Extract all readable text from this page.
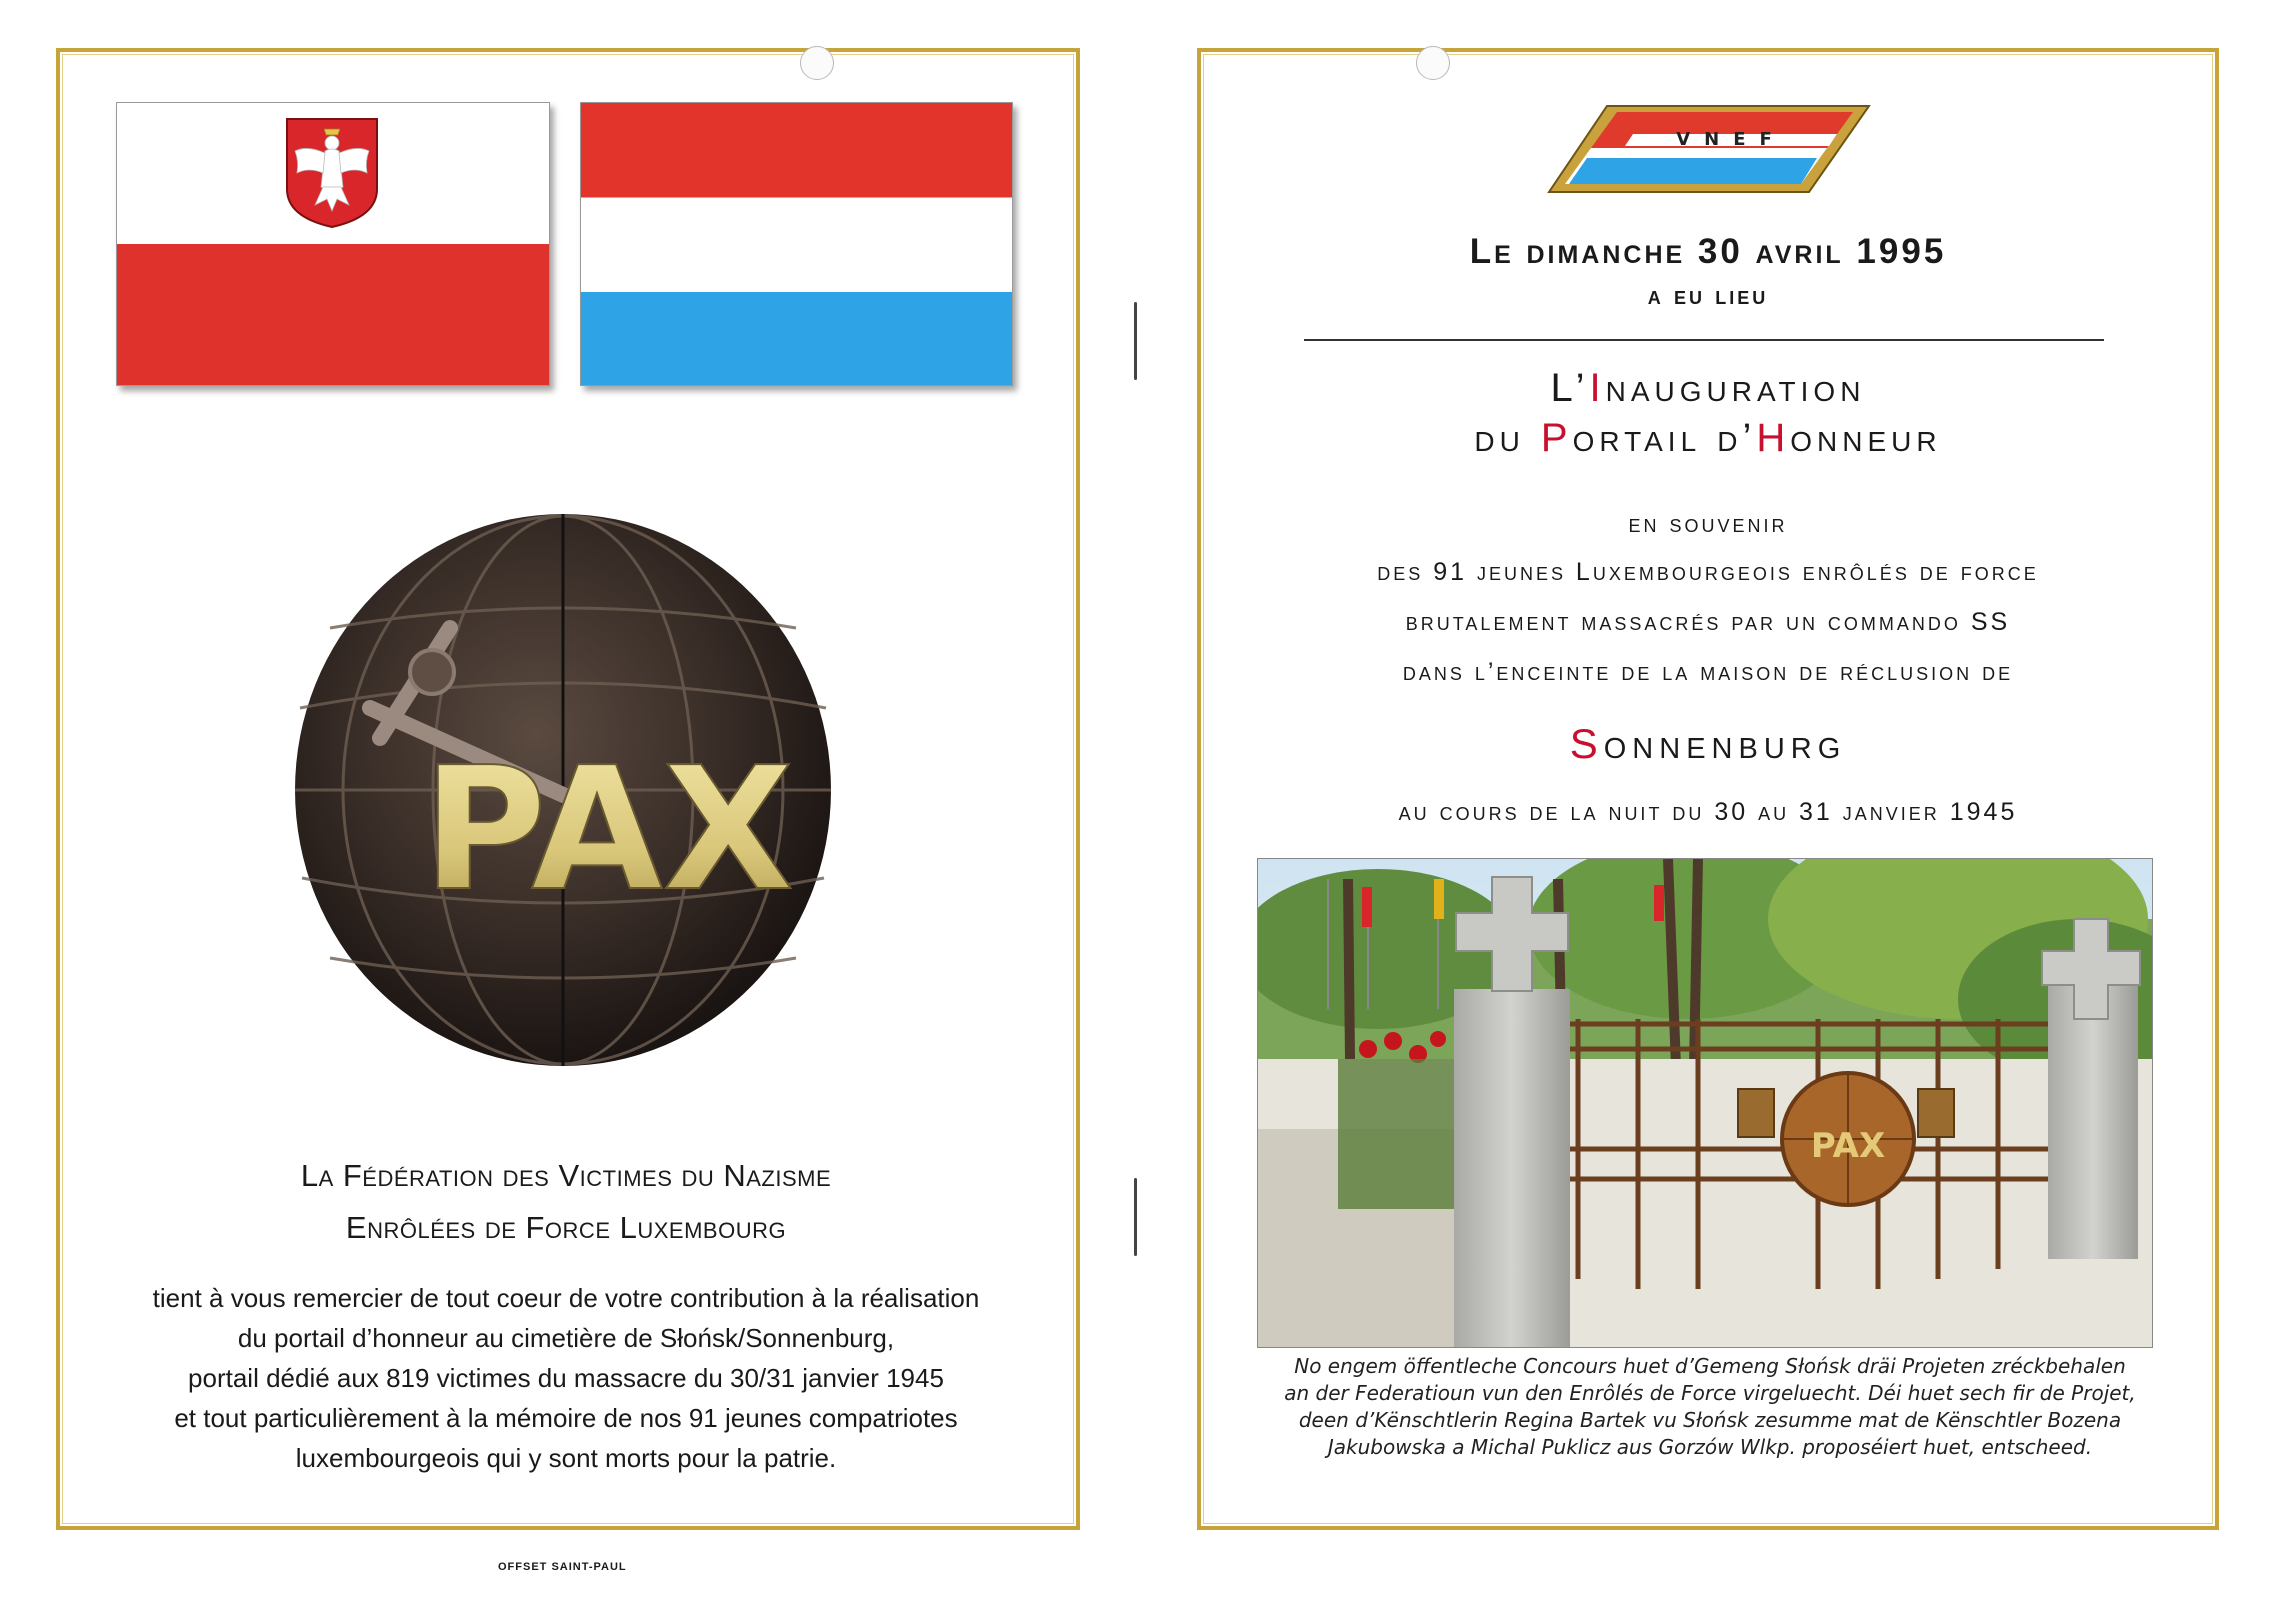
PAX
La Fédération des Victimes du Nazisme
Enrôlées de Force Luxembourg
tient à vous remercier de tout coeur de votre contribution à la réalisation
du portail d’honneur au cimetière de Słońsk/Sonnenburg,
portail dédié aux 819 victimes du massacre du 30/31 janvier 1945
et tout particulièrement à la mémoire de nos 91 jeunes compatriotes
luxembourgeois qui y sont morts pour la patrie.
OFFSET SAINT-PAUL
VNEF
Le dimanche 30 avril 1995
a eu lieu
L’Inauguration
du Portail d’Honneur
en souvenir
des 91 jeunes Luxembourgeois enrôlés de force
brutalement massacrés par un commando SS
dans l’enceinte de la maison de réclusion de
Sonnenburg
au cours de la nuit du 30 au 31 janvier 1945
PAX
No engem öffentleche Concours huet d’Gemeng Słońsk dräi Projeten zréckbehalen
an der Federatioun vun den Enrôlés de Force virgeluecht. Déi huet sech fir de Projet,
deen d’Kënschtlerin Regina Bartek vu Słońsk zesumme mat de Kënschtler Bozena
Jakubowska a Michal Puklicz aus Gorzów Wlkp. proposéiert huet, entscheed.
